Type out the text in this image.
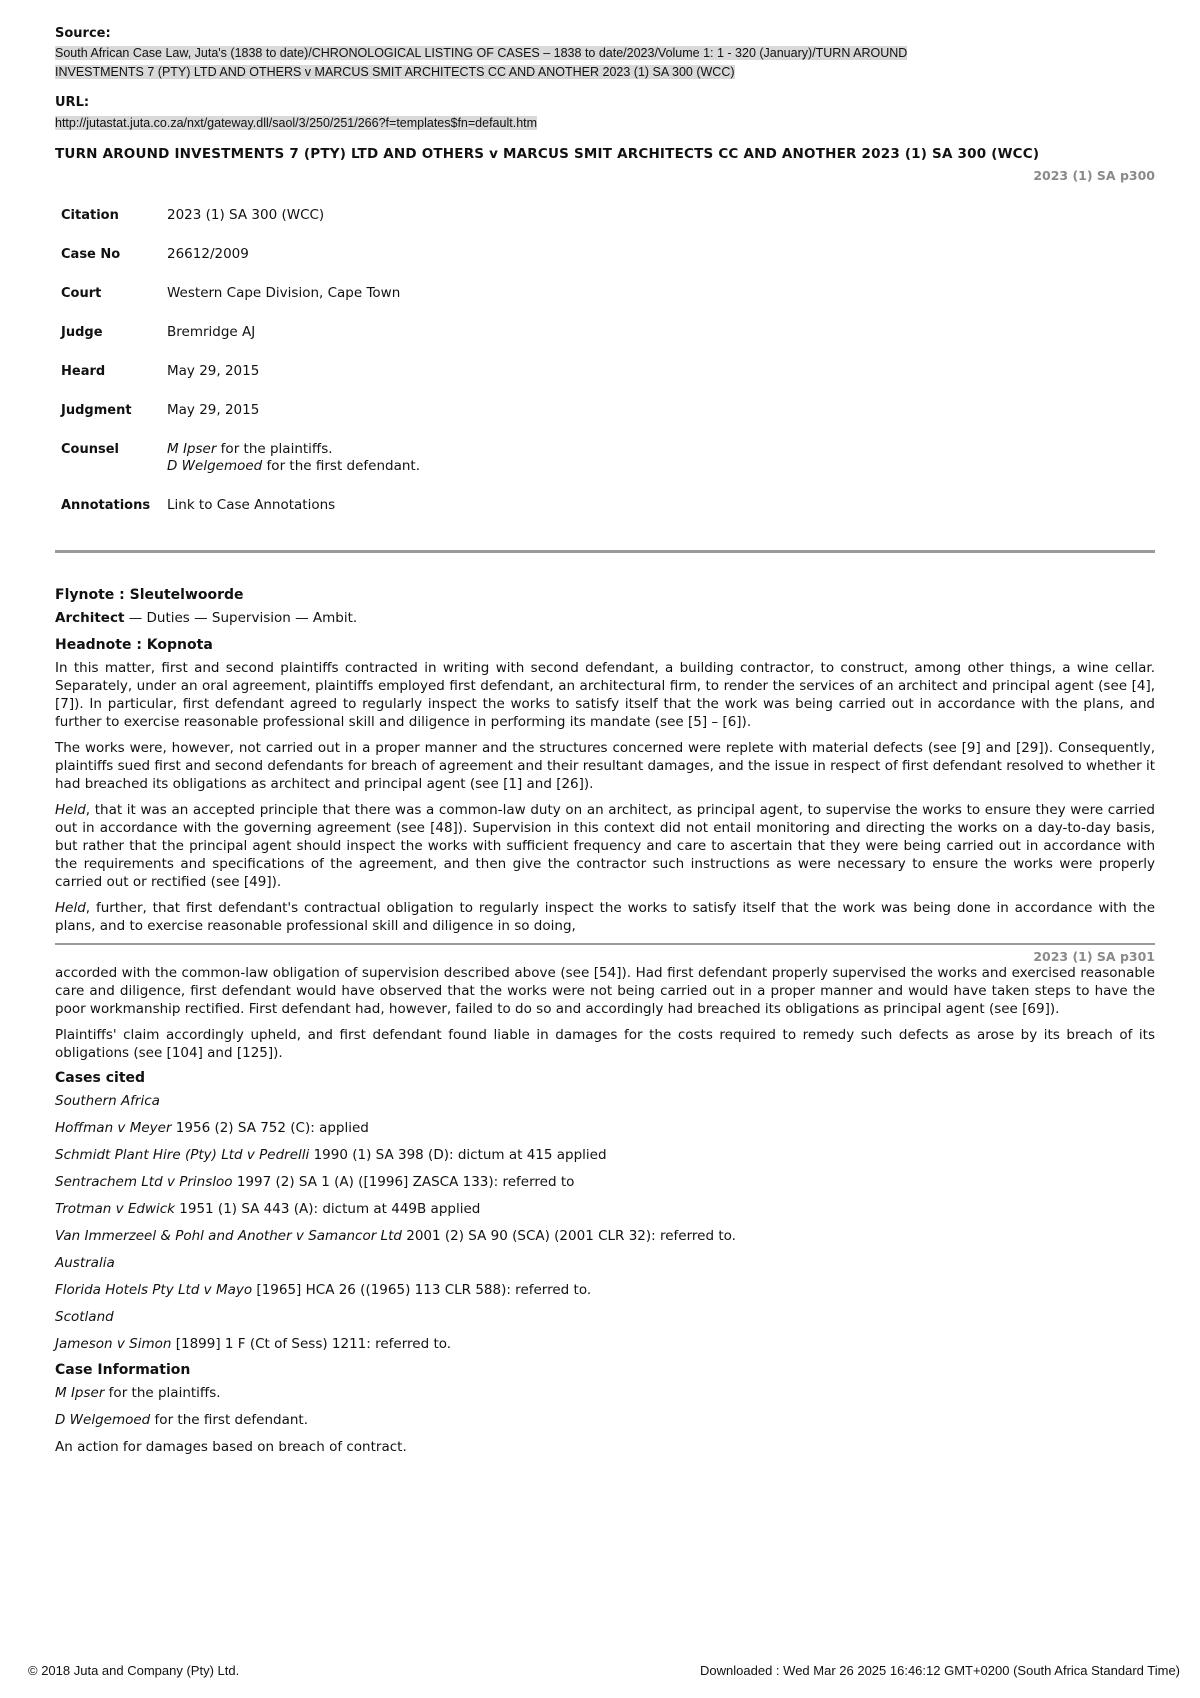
Source:
South African Case Law, Juta's (1838 to date)/CHRONOLOGICAL LISTING OF CASES – 1838 to date/2023/Volume 1: 1 - 320 (January)/TURN AROUND
INVESTMENTS 7 (PTY) LTD AND OTHERS v MARCUS SMIT ARCHITECTS CC AND ANOTHER 2023 (1) SA 300 (WCC)
URL:
http://jutastat.juta.co.za/nxt/gateway.dll/saol/3/250/251/266?f=templates$fn=default.htm
TURN AROUND INVESTMENTS 7 (PTY) LTD AND OTHERS v MARCUS SMIT ARCHITECTS CC AND ANOTHER 2023 (1) SA 300 (WCC)
2023 (1) SA p300
Citation	2023 (1) SA 300 (WCC)
Case No	26612/2009
Court	Western Cape Division, Cape Town
Judge	Bremridge AJ
Heard	May 29, 2015
Judgment	May 29, 2015
Counsel	M Ipser for the plaintiffs.
D Welgemoed for the first defendant.
Annotations	Link to Case Annotations
Flynote : Sleutelwoorde

Architect — Duties — Supervision — Ambit.

Headnote : Kopnota

In this matter, first and second plaintiffs contracted in writing with second defendant, a building contractor, to construct, among other things, a wine cellar. Separately, under an oral agreement, plaintiffs employed first defendant, an architectural firm, to render the services of an architect and principal agent (see [4], [7]). In particular, first defendant agreed to regularly inspect the works to satisfy itself that the work was being carried out in accordance with the plans, and further to exercise reasonable professional skill and diligence in performing its mandate (see [5] – [6]).

The works were, however, not carried out in a proper manner and the structures concerned were replete with material defects (see [9] and [29]). Consequently, plaintiffs sued first and second defendants for breach of agreement and their resultant damages, and the issue in respect of first defendant resolved to whether it had breached its obligations as architect and principal agent (see [1] and [26]).

Held, that it was an accepted principle that there was a common-law duty on an architect, as principal agent, to supervise the works to ensure they were carried out in accordance with the governing agreement (see [48]). Supervision in this context did not entail monitoring and directing the works on a day-to-day basis, but rather that the principal agent should inspect the works with sufficient frequency and care to ascertain that they were being carried out in accordance with the requirements and specifications of the agreement, and then give the contractor such instructions as were necessary to ensure the works were properly carried out or rectified (see [49]).

Held, further, that first defendant's contractual obligation to regularly inspect the works to satisfy itself that the work was being done in accordance with the plans, and to exercise reasonable professional skill and diligence in so doing,

2023 (1) SA p301

accorded with the common-law obligation of supervision described above (see [54]). Had first defendant properly supervised the works and exercised reasonable care and diligence, first defendant would have observed that the works were not being carried out in a proper manner and would have taken steps to have the poor workmanship rectified. First defendant had, however, failed to do so and accordingly had breached its obligations as principal agent (see [69]).

Plaintiffs' claim accordingly upheld, and first defendant found liable in damages for the costs required to remedy such defects as arose by its breach of its obligations (see [104] and [125]).

Cases cited

Southern Africa

Hoffman v Meyer 1956 (2) SA 752 (C): applied

Schmidt Plant Hire (Pty) Ltd v Pedrelli 1990 (1) SA 398 (D): dictum at 415 applied

Sentrachem Ltd v Prinsloo 1997 (2) SA 1 (A) ([1996] ZASCA 133): referred to

Trotman v Edwick 1951 (1) SA 443 (A): dictum at 449B applied

Van Immerzeel & Pohl and Another v Samancor Ltd 2001 (2) SA 90 (SCA) (2001 CLR 32): referred to.

Australia

Florida Hotels Pty Ltd v Mayo [1965] HCA 26 ((1965) 113 CLR 588): referred to.

Scotland

Jameson v Simon [1899] 1 F (Ct of Sess) 1211: referred to.

Case Information

M Ipser for the plaintiffs.

D Welgemoed for the first defendant.

An action for damages based on breach of contract.

© 2018 Juta and Company (Pty) Ltd.	Downloaded : Wed Mar 26 2025 16:46:12 GMT+0200 (South Africa Standard Time)
